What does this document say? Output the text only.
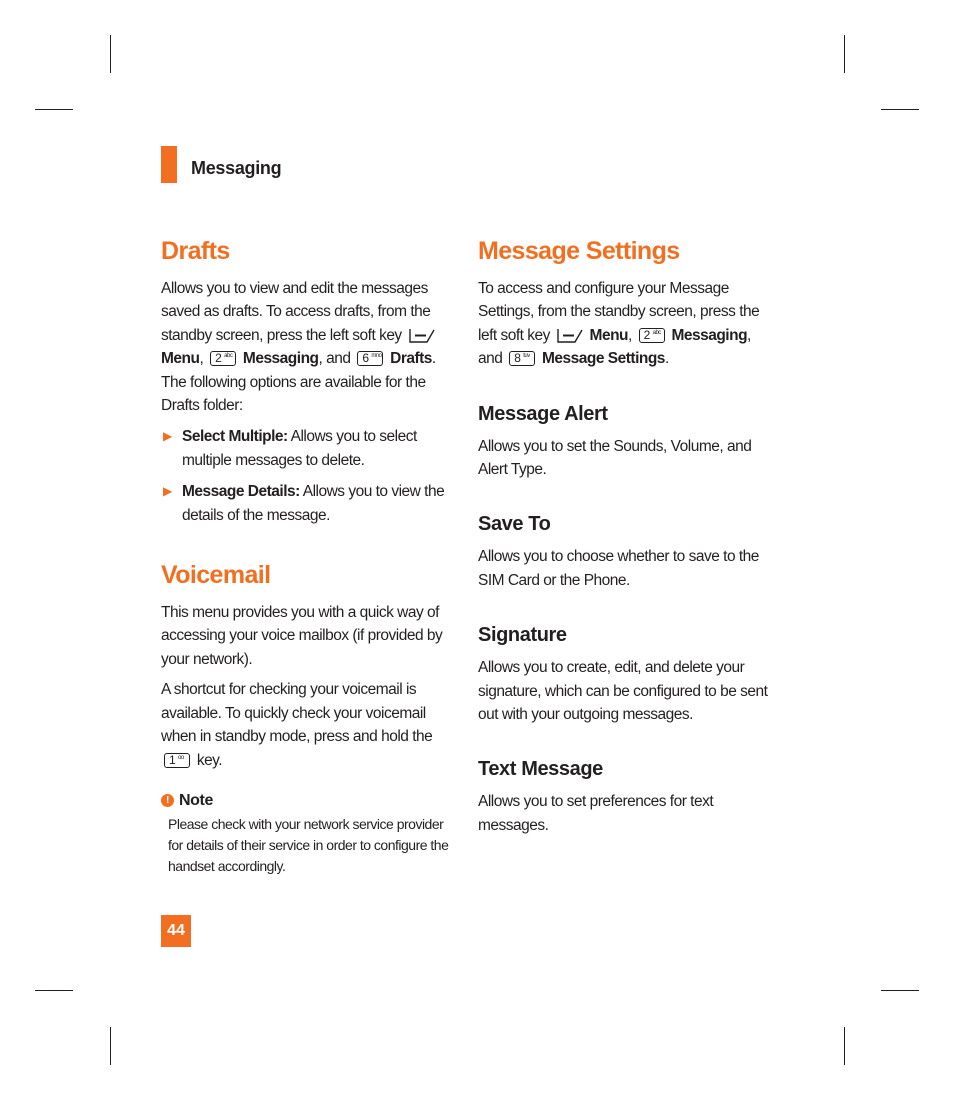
Messaging
Drafts

Allows you to view and edit the messages saved as drafts. To access drafts, from the standby screen, press the left soft key
Menu, 2 abc Messaging, and 6 mno Drafts. The following options are available for the Drafts folder:

▶ Select Multiple: Allows you to select multiple messages to delete.
▶ Message Details: Allows you to view the details of the message.
Voicemail

This menu provides you with a quick way of accessing your voice mailbox (if provided by your network).

A shortcut for checking your voicemail is available. To quickly check your voicemail when in standby mode, press and hold the
1 oo key.

! Note

Please check with your network service provider for details of their service in order to configure the handset accordingly.

Message Settings

To access and configure your Message Settings, from the standby screen, press the left soft key	Menu, 2 abc Messaging, and 8 tuv Message Settings.

Message Alert

Allows you to set the Sounds, Volume, and Alert Type.

Save To

Allows you to choose whether to save to the SIM Card or the Phone.

Signature

Allows you to create, edit, and delete your signature, which can be configured to be sent out with your outgoing messages.

Text Message

Allows you to set preferences for text messages.

44
